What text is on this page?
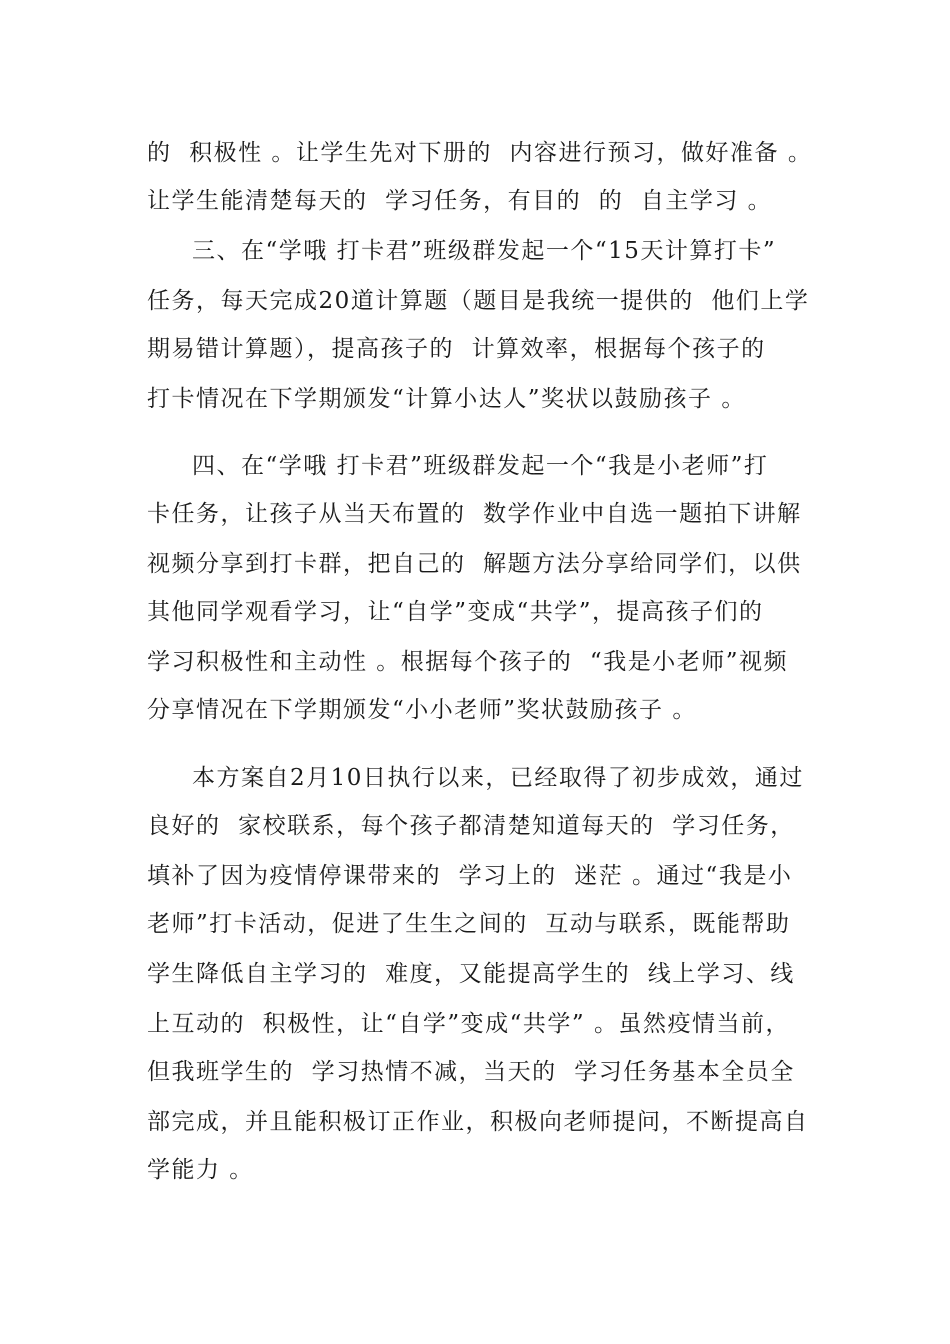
的  积极性 。让学生先对下册的  内容进行预习，做好准备 。
让学生能清楚每天的  学习任务，有目的  的  自主学习 。
三、在“学哦 打卡君”班级群发起一个“15天计算打卡”
任务，每天完成20道计算题（题目是我统一提供的  他们上学
期易错计算题），提高孩子的  计算效率，根据每个孩子的
打卡情况在下学期颁发“计算小达人”奖状以鼓励孩子 。
四、在“学哦 打卡君”班级群发起一个“我是小老师”打
卡任务，让孩子从当天布置的  数学作业中自选一题拍下讲解
视频分享到打卡群，把自己的  解题方法分享给同学们，以供
其他同学观看学习，让“自学”变成“共学”，提高孩子们的
学习积极性和主动性 。根据每个孩子的  “我是小老师”视频
分享情况在下学期颁发“小小老师”奖状鼓励孩子 。
本方案自2月10日执行以来，已经取得了初步成效，通过
良好的  家校联系，每个孩子都清楚知道每天的  学习任务，
填补了因为疫情停课带来的  学习上的  迷茫 。通过“我是小
老师”打卡活动，促进了生生之间的  互动与联系，既能帮助
学生降低自主学习的  难度，又能提高学生的  线上学习、线
上互动的  积极性，让“自学”变成“共学” 。虽然疫情当前，
但我班学生的  学习热情不减，当天的  学习任务基本全员全
部完成，并且能积极订正作业，积极向老师提问，不断提高自
学能力 。
